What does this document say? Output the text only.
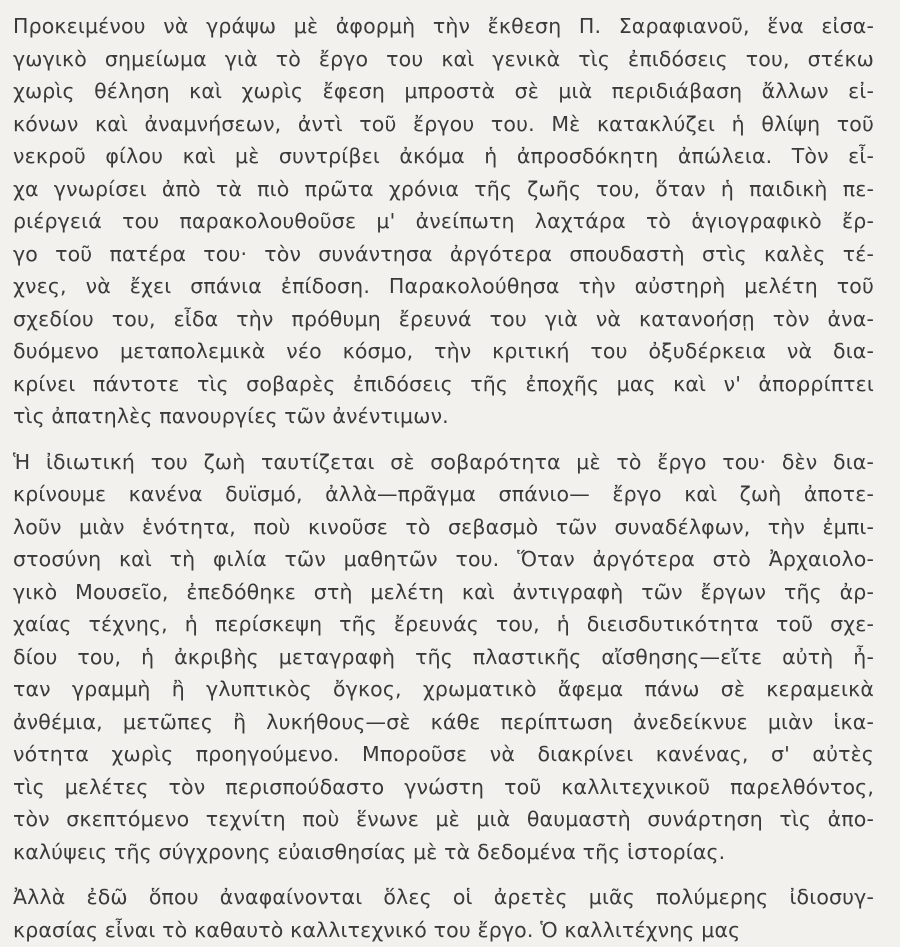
Προκειμένου νὰ γράψω μὲ ἀφορμὴ τὴν ἔκθεση Π. Σαραφιανοῦ, ἕνα εἰσα-
γωγικὸ σημείωμα γιὰ τὸ ἔργο του καὶ γενικὰ τὶς ἐπιδόσεις του, στέκω
χωρὶς θέληση καὶ χωρὶς ἔφεση μπροστὰ σὲ μιὰ περιδιάβαση ἄλλων εἰ-
κόνων καὶ ἀναμνήσεων, ἀντὶ τοῦ ἔργου του. Μὲ κατακλύζει ἡ θλίψη τοῦ
νεκροῦ φίλου καὶ μὲ συντρίβει ἀκόμα ἡ ἀπροσδόκητη ἀπώλεια. Τὸν εἶ-
χα γνωρίσει ἀπὸ τὰ πιὸ πρῶτα χρόνια τῆς ζωῆς του, ὅταν ἡ παιδικὴ πε-
ριέργειά του παρακολουθοῦσε μ' ἀνείπωτη λαχτάρα τὸ ἁγιογραφικὸ ἔρ-
γο τοῦ πατέρα του· τὸν συνάντησα ἀργότερα σπουδαστὴ στὶς καλὲς τέ-
χνες, νὰ ἔχει σπάνια ἐπίδοση. Παρακολούθησα τὴν αὐστηρὴ μελέτη τοῦ
σχεδίου του, εἶδα τὴν πρόθυμη ἔρευνά του γιὰ νὰ κατανοήσῃ τὸν ἀνα-
δυόμενο μεταπολεμικὰ νέο κόσμο, τὴν κριτική του ὀξυδέρκεια νὰ δια-
κρίνει πάντοτε τὶς σοβαρὲς ἐπιδόσεις τῆς ἐποχῆς μας καὶ ν' ἀπορρίπτει
τὶς ἀπατηλὲς πανουργίες τῶν ἀνέντιμων.
Ἡ ἰδιωτική του ζωὴ ταυτίζεται σὲ σοβαρότητα μὲ τὸ ἔργο του· δὲν δια-
κρίνουμε κανένα δυϊσμό, ἀλλὰ—πρᾶγμα σπάνιο— ἔργο καὶ ζωὴ ἀποτε-
λοῦν μιὰν ἑνότητα, ποὺ κινοῦσε τὸ σεβασμὸ τῶν συναδέλφων, τὴν ἐμπι-
στοσύνη καὶ τὴ φιλία τῶν μαθητῶν του. Ὅταν ἀργότερα στὸ Ἀρχαιολο-
γικὸ Μουσεῖο, ἐπεδόθηκε στὴ μελέτη καὶ ἀντιγραφὴ τῶν ἔργων τῆς ἀρ-
χαίας τέχνης, ἡ περίσκεψη τῆς ἔρευνάς του, ἡ διεισδυτικότητα τοῦ σχε-
δίου του, ἡ ἀκριβὴς μεταγραφὴ τῆς πλαστικῆς αἴσθησης—εἴτε αὐτὴ ἦ-
ταν γραμμὴ ἢ γλυπτικὸς ὄγκος, χρωματικὸ ἄφεμα πάνω σὲ κεραμεικὰ
ἀνθέμια, μετῶπες ἢ λυκήθους—σὲ κάθε περίπτωση ἀνεδείκνυε μιὰν ἱκα-
νότητα χωρὶς προηγούμενο. Μποροῦσε νὰ διακρίνει κανένας, σ' αὐτὲς
τὶς μελέτες τὸν περισπούδαστο γνώστη τοῦ καλλιτεχνικοῦ παρελθόντος,
τὸν σκεπτόμενο τεχνίτη ποὺ ἕνωνε μὲ μιὰ θαυμαστὴ συνάρτηση τὶς ἀπο-
καλύψεις τῆς σύγχρονης εὐαισθησίας μὲ τὰ δεδομένα τῆς ἱστορίας.
Ἀλλὰ ἐδῶ ὅπου ἀναφαίνονται ὅλες οἱ ἀρετὲς μιᾶς πολύμερης ἰδιοσυγ-
κρασίας εἶναι τὸ καθαυτὸ καλλιτεχνικό του ἔργο. Ὁ καλλιτέχνης μας
